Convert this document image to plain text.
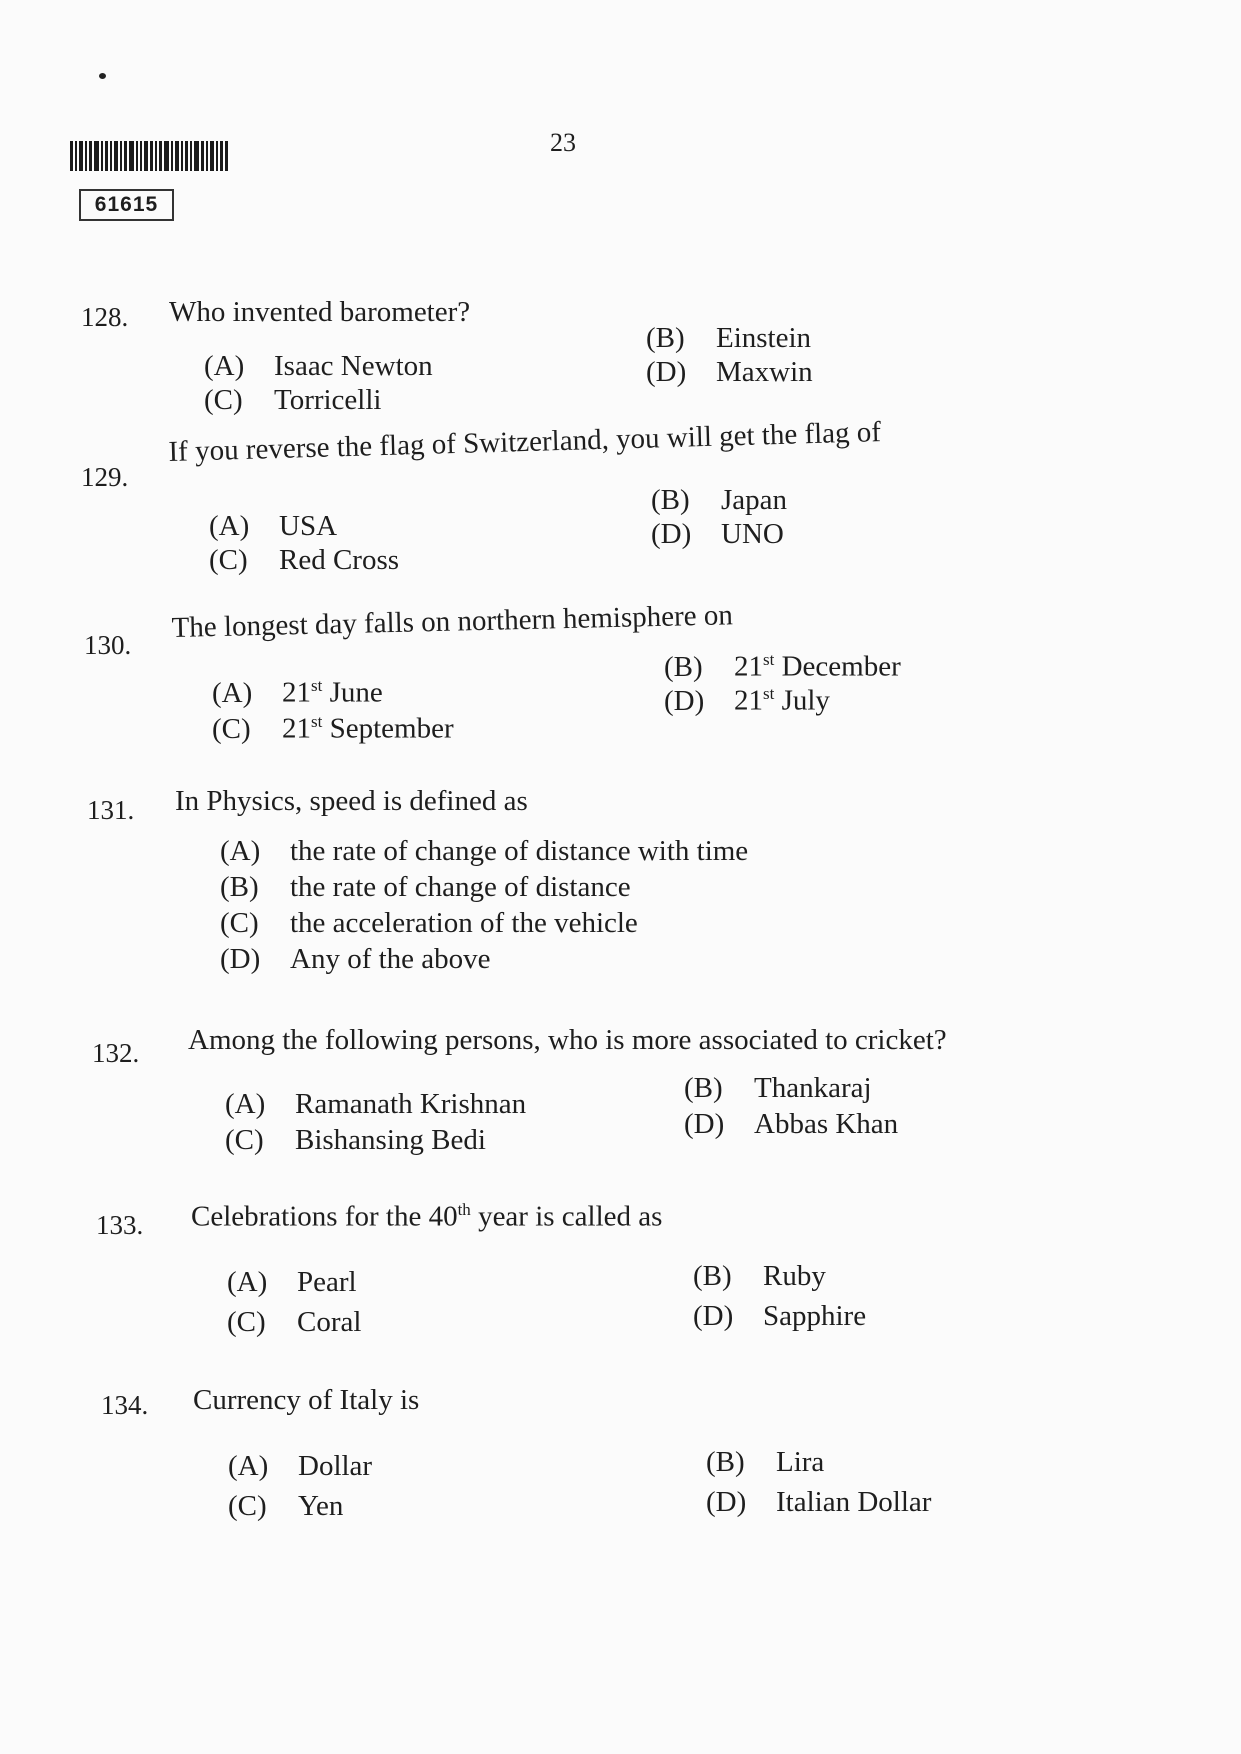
61615
23
128. Who invented barometer?
(A) Isaac Newton
(B) Einstein
(C) Torricelli
(D) Maxwin
129.
If you reverse the flag of Switzerland, you will get the flag of
(A) USA
(B) Japan
(C) Red Cross
(D) UNO
130.
The longest day falls on northern hemisphere on
(A) 21st June
(B) 21st December
(C) 21st September
(D) 21st July
131. In Physics, speed is defined as
(A) the rate of change of distance with time
(B) the rate of change of distance
(C) the acceleration of the vehicle
(D) Any of the above
132. Among the following persons, who is more associated to cricket?
(A) Ramanath Krishnan	(B) Thankaraj
(C) Bishansing Bedi	(D) Abbas Khan
133. Celebrations for the 40th year is called as
(A) Pearl	(B) Ruby
(C) Coral	(D) Sapphire
134. Currency of Italy is
(A) Dollar	(B) Lira
(C) Yen	(D) Italian Dollar
